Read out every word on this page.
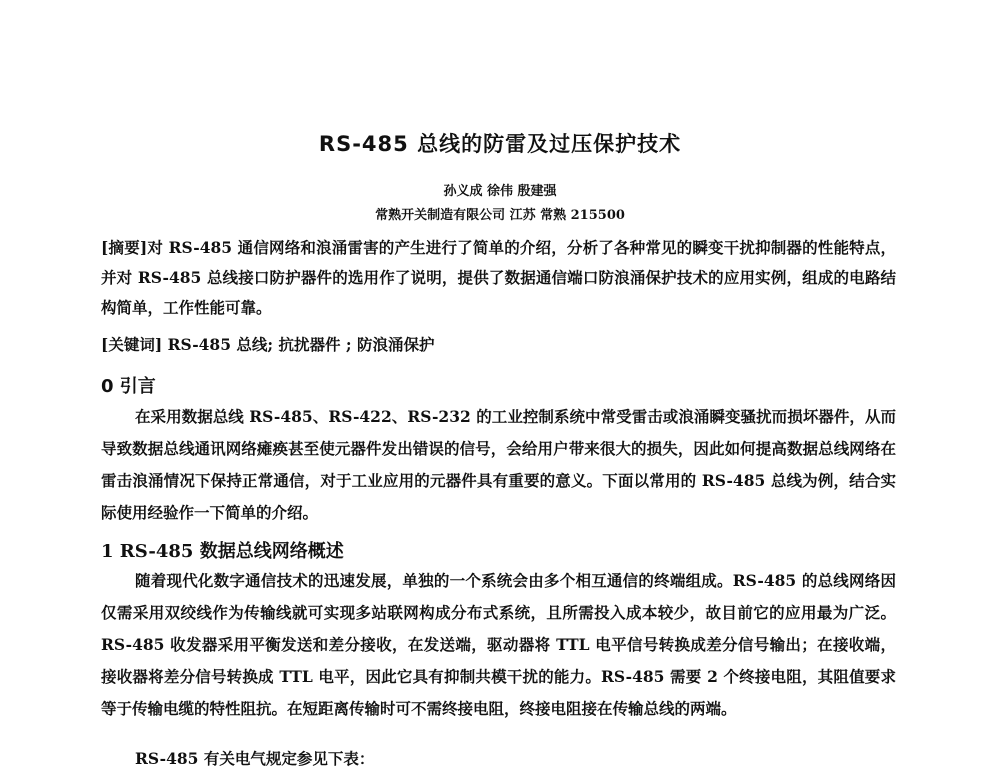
RS-485 总线的防雷及过压保护技术
孙义成 徐伟 殷建强
常熟开关制造有限公司 江苏 常熟 215500
[摘要]对 RS-485 通信网络和浪涌雷害的产生进行了简单的介绍，分析了各种常见的瞬变干扰抑制器的性能特点，并对 RS-485 总线接口防护器件的选用作了说明，提供了数据通信端口防浪涌保护技术的应用实例，组成的电路结构简单，工作性能可靠。
[关键词] RS-485 总线; 抗扰器件 ; 防浪涌保护
0 引言
在采用数据总线 RS-485、RS-422、RS-232 的工业控制系统中常受雷击或浪涌瞬变骚扰而损坏器件，从而导致数据总线通讯网络瘫痪甚至使元器件发出错误的信号，会给用户带来很大的损失，因此如何提高数据总线网络在雷击浪涌情况下保持正常通信，对于工业应用的元器件具有重要的意义。下面以常用的 RS-485 总线为例，结合实际使用经验作一下简单的介绍。
1 RS-485 数据总线网络概述
随着现代化数字通信技术的迅速发展，单独的一个系统会由多个相互通信的终端组成。RS-485 的总线网络因仅需采用双绞线作为传输线就可实现多站联网构成分布式系统，且所需投入成本较少，故目前它的应用最为广泛。RS-485 收发器采用平衡发送和差分接收，在发送端，驱动器将 TTL 电平信号转换成差分信号输出；在接收端，接收器将差分信号转换成 TTL 电平，因此它具有抑制共模干扰的能力。RS-485 需要 2 个终接电阻，其阻值要求等于传输电缆的特性阻抗。在短距离传输时可不需终接电阻，终接电阻接在传输总线的两端。
RS-485 有关电气规定参见下表：
